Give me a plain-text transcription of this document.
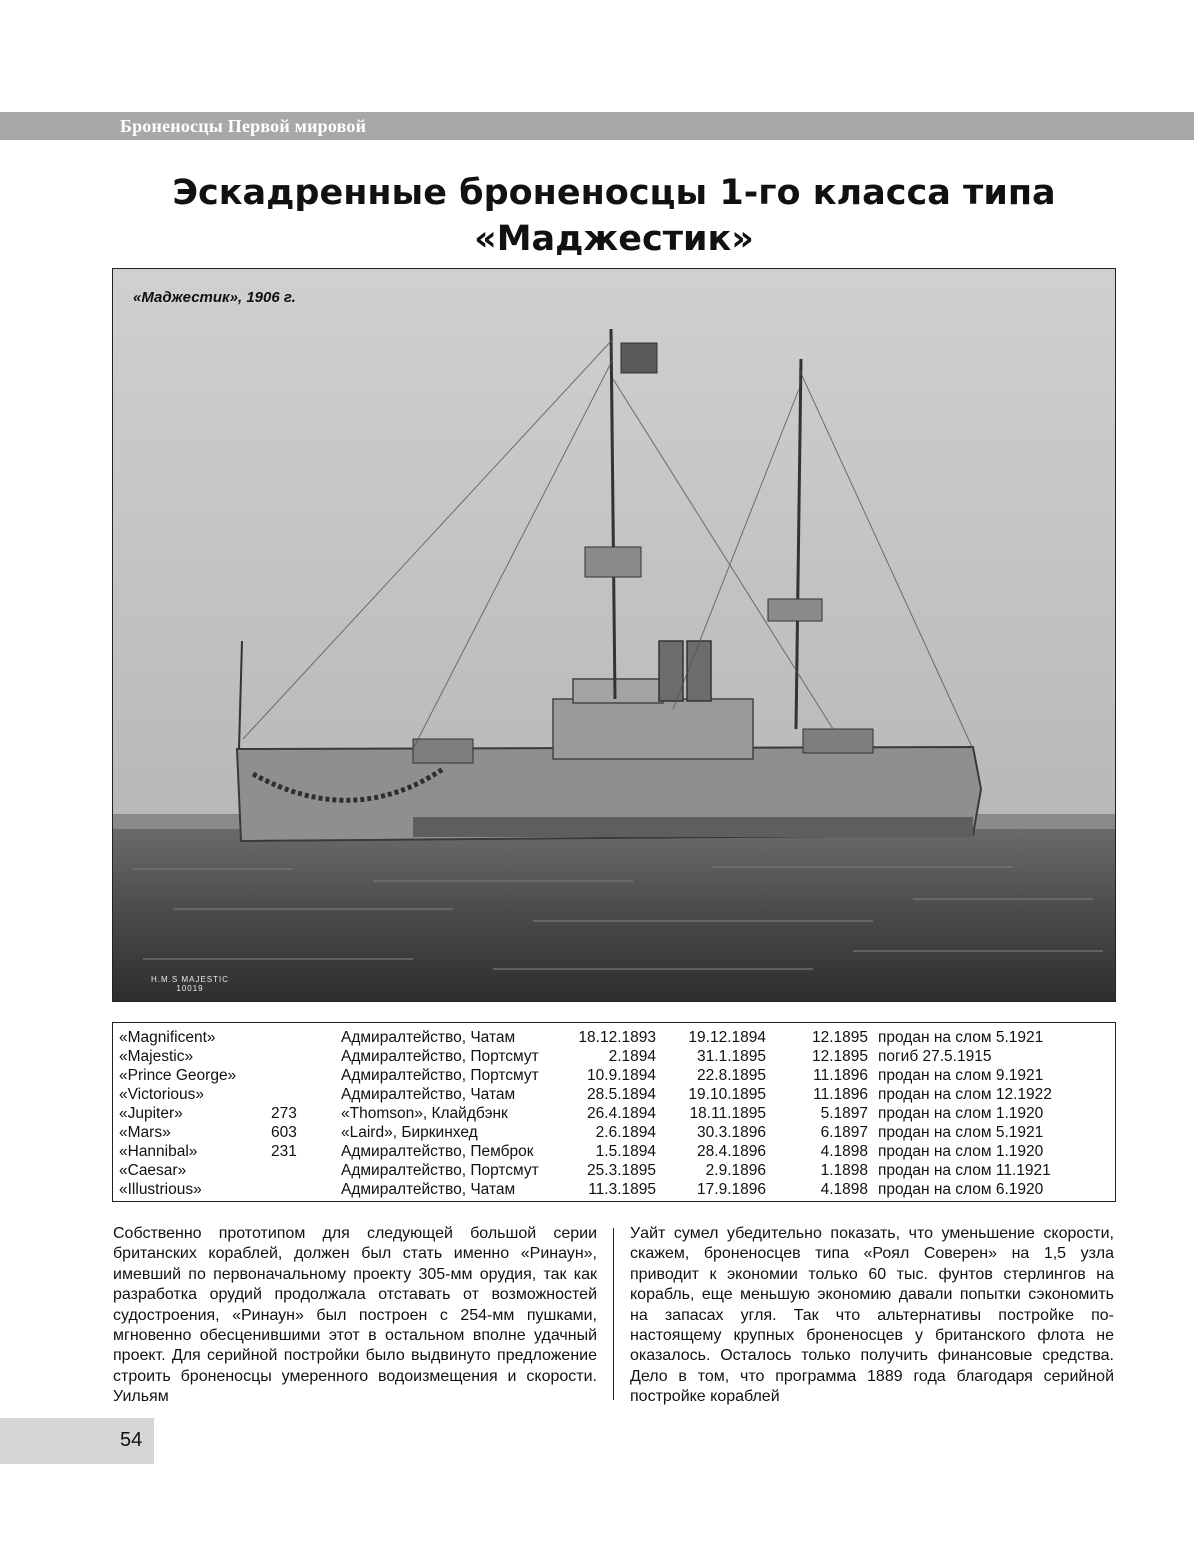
Броненосцы Первой мировой
Эскадренные броненосцы 1-го класса типа
«Маджестик»
«Маджестик», 1906 г.
H.M.S MAJESTIC
10019
«Magnificent»		Адмиралтейство, Чатам	18.12.1893	19.12.1894	12.1895	продан на слом 5.1921
«Majestic»		Адмиралтейство, Портсмут	2.1894	31.1.1895	12.1895	погиб 27.5.1915
«Prince George»		Адмиралтейство, Портсмут	10.9.1894	22.8.1895	11.1896	продан на слом 9.1921
«Victorious»		Адмиралтейство, Чатам	28.5.1894	19.10.1895	11.1896	продан на слом 12.1922
«Jupiter»	273	«Thomson», Клайдбэнк	26.4.1894	18.11.1895	5.1897	продан на слом 1.1920
«Mars»	603	«Laird», Биркинхед	2.6.1894	30.3.1896	6.1897	продан на слом 5.1921
«Hannibal»	231	Адмиралтейство, Пемброк	1.5.1894	28.4.1896	4.1898	продан на слом 1.1920
«Caesar»		Адмиралтейство, Портсмут	25.3.1895	2.9.1896	1.1898	продан на слом 11.1921
«Illustrious»		Адмиралтейство, Чатам	11.3.1895	17.9.1896	4.1898	продан на слом 6.1920
Собственно прототипом для следующей большой серии британских кораблей, должен был стать именно «Ринаун», имевший по первоначальному проекту 305-мм орудия, так как разработка орудий продолжала отставать от возможностей судостроения, «Ринаун» был построен с 254-мм пушками, мгновенно обесценившими этот в остальном вполне удачный проект. Для серийной постройки было выдвинуто предложение строить броненосцы умеренного водоизмещения и скорости. Уильям
Уайт сумел убедительно показать, что уменьшение скорости, скажем, броненосцев типа «Роял Соверен» на 1,5 узла приводит к экономии только 60 тыс. фунтов стерлингов на корабль, еще меньшую экономию давали попытки сэкономить на запасах угля. Так что альтернативы постройке по-настоящему крупных броненосцев у британского флота не оказалось. Осталось только получить финансовые средства. Дело в том, что программа 1889 года благодаря серийной постройке кораблей
54
